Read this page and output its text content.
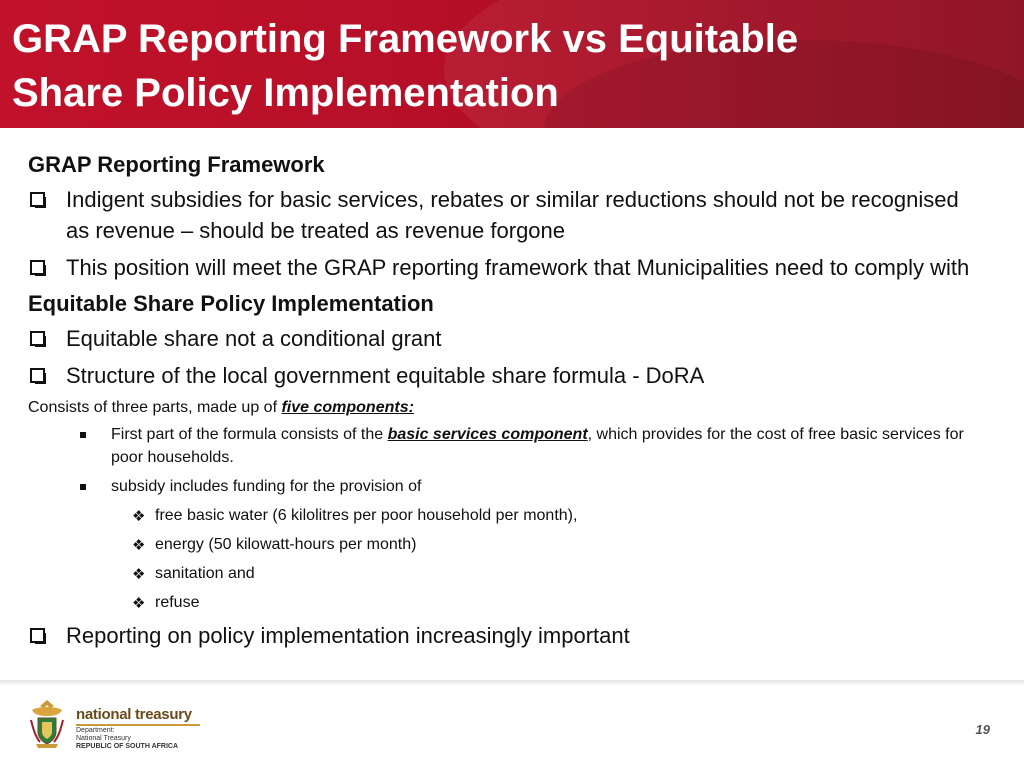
GRAP Reporting Framework vs Equitable
Share Policy Implementation
GRAP Reporting Framework
Indigent subsidies for basic services, rebates or similar reductions should not be recognised as revenue – should be treated as revenue forgone
This position will meet the GRAP reporting framework that Municipalities need to comply with
Equitable Share Policy Implementation
Equitable share not a conditional grant
Structure of the local government equitable share formula - DoRA
Consists of three parts, made up of five components:
First part of the formula consists of the basic services component, which provides for the cost of free basic services for poor households.
subsidy includes funding for the provision of
❖ free basic water (6 kilolitres per poor household per month),
❖ energy (50 kilowatt-hours per month)
❖ sanitation and
❖ refuse
Reporting on policy implementation increasingly important
national treasury
Department:
National Treasury
REPUBLIC OF SOUTH AFRICA
19
